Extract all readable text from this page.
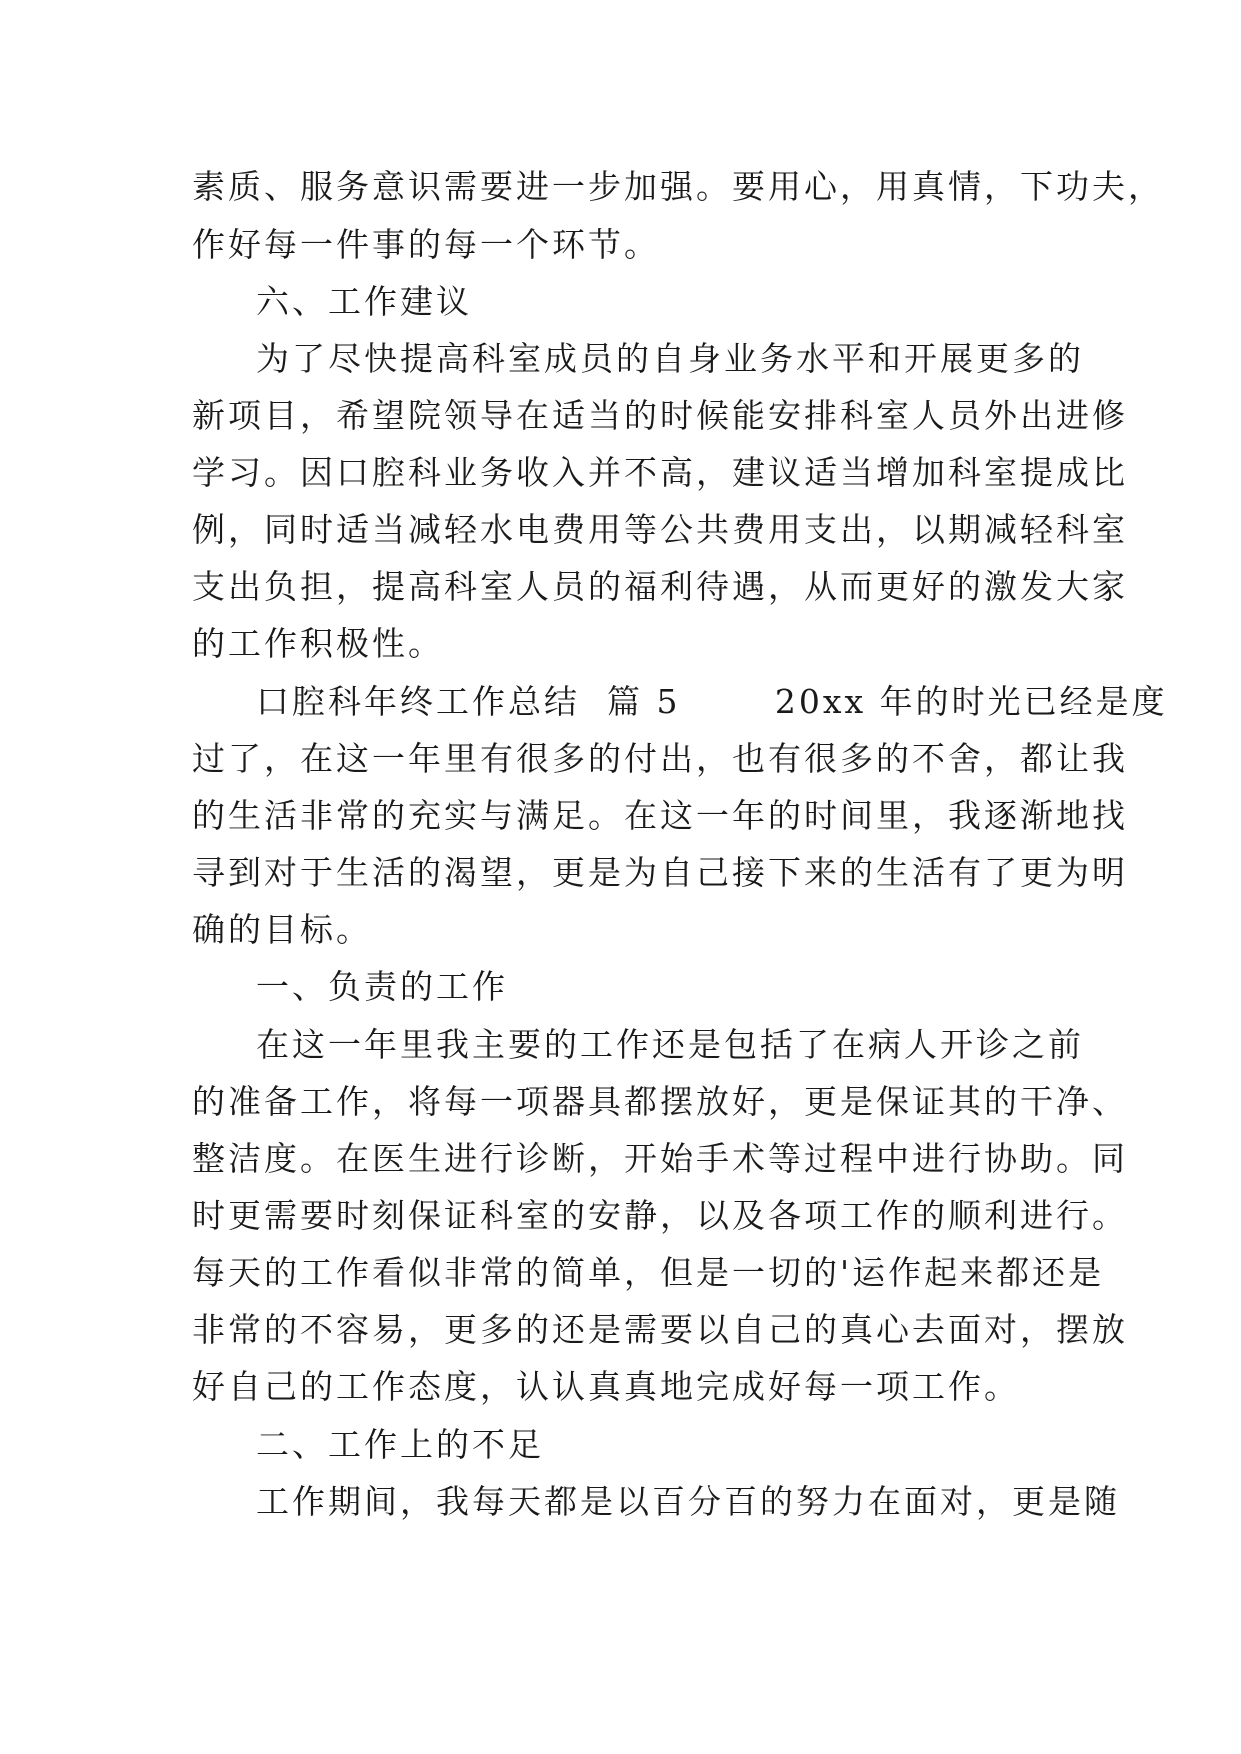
素质、服务意识需要进一步加强。要用心，用真情，下功夫，
作好每一件事的每一个环节。
六、工作建议
为了尽快提高科室成员的自身业务水平和开展更多的
新项目，希望院领导在适当的时候能安排科室人员外出进修
学习。因口腔科业务收入并不高，建议适当增加科室提成比
例，同时适当减轻水电费用等公共费用支出，以期减轻科室
支出负担，提高科室人员的福利待遇，从而更好的激发大家
的工作积极性。
口腔科年终工作总结  篇 5       20xx 年的时光已经是度
过了，在这一年里有很多的付出，也有很多的不舍，都让我
的生活非常的充实与满足。在这一年的时间里，我逐渐地找
寻到对于生活的渴望，更是为自己接下来的生活有了更为明
确的目标。
一、负责的工作
在这一年里我主要的工作还是包括了在病人开诊之前
的准备工作，将每一项器具都摆放好，更是保证其的干净、
整洁度。在医生进行诊断，开始手术等过程中进行协助。同
时更需要时刻保证科室的安静，以及各项工作的顺利进行。
每天的工作看似非常的简单，但是一切的'运作起来都还是
非常的不容易，更多的还是需要以自己的真心去面对，摆放
好自己的工作态度，认认真真地完成好每一项工作。
二、工作上的不足
工作期间，我每天都是以百分百的努力在面对，更是随
